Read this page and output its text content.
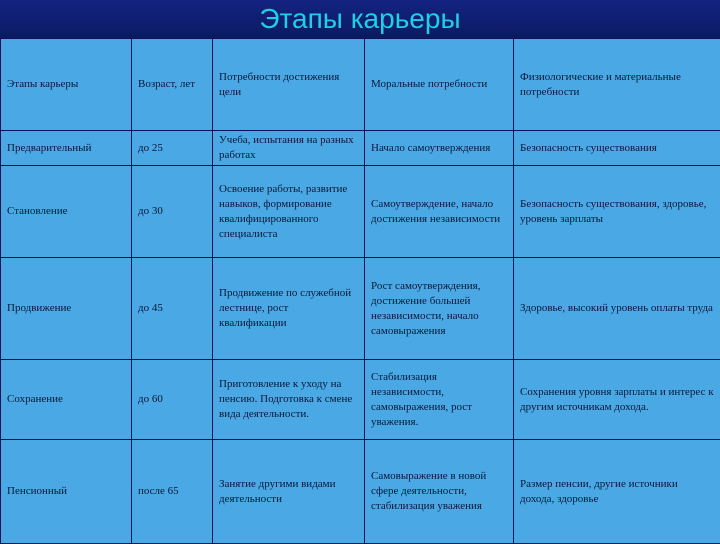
Этапы карьеры
Этапы карьеры	Возраст, лет	Потребности достижения цели	Моральные потребности	Физиологические и материальные потребности
Предварительный	до 25	Учеба, испытания на разных работах	Начало самоутверждения	Безопасность существования
Становление	до 30	Освоение работы, развитие навыков, формирование квалифицированного специалиста	Самоутверждение, начало достижения независимости	Безопасность существования, здоровье, уровень зарплаты
Продвижение	до 45	Продвижение по служебной лестнице, рост квалификации	Рост самоутверждения, достижение большей независимости, начало самовыражения	Здоровье, высокий уровень оплаты труда
Сохранение	до 60	Приготовление к уходу на пенсию. Подготовка к смене вида деятельности.	Стабилизация независимости, самовыражения, рост уважения.	Сохранения уровня зарплаты и интерес к другим источникам дохода.
Пенсионный	после 65	Занятие другими видами деятельности	Самовыражение в новой сфере деятельности, стабилизация уважения	Размер пенсии, другие источники дохода, здоровье
